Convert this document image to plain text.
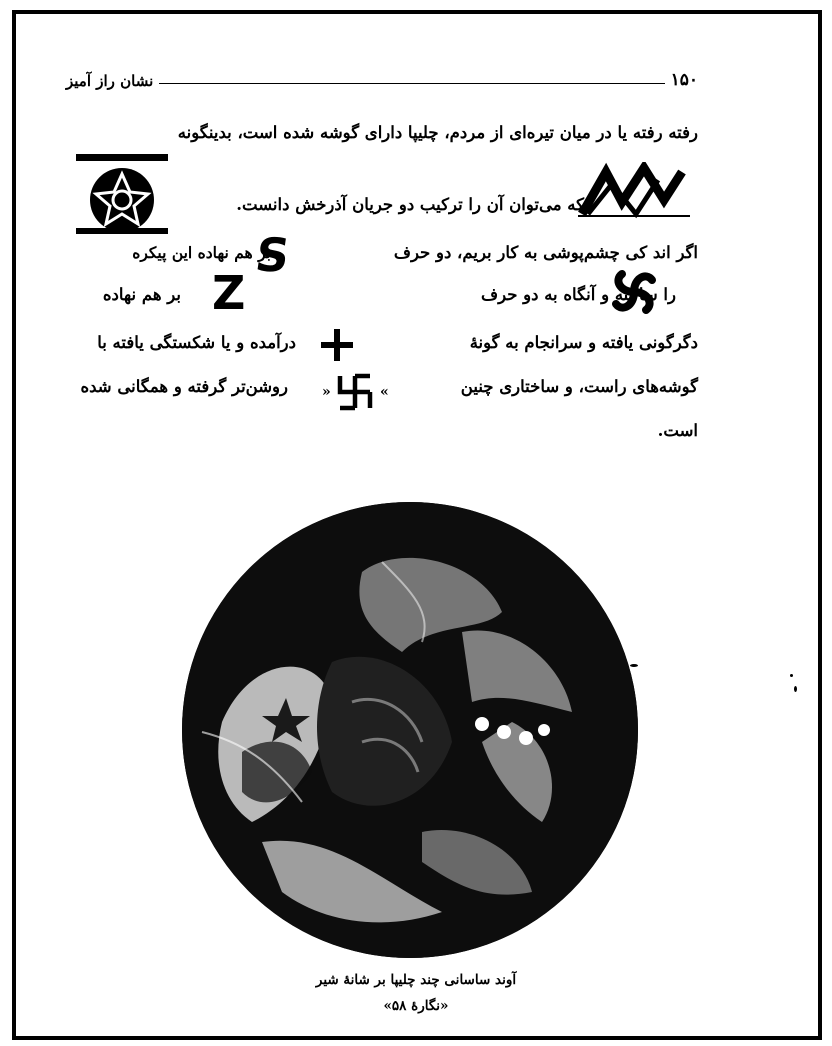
۱۵۰
نشان راز آمیز
رفته رفته یا در میان تیره‌ای از مردم، چلیپا دارای گوشه شده است، بدینگونه
که می‌توان آن را ترکیب دو جریان آذرخش دانست.
اگر اند کی چشم‌پوشی به کار بریم، دو حرف
بر هم نهاده این پیکره
S
را ساخته و آنگاه به دو حرف
بر هم نهاده Z
دگرگونی یافته و سرانجام به گونهٔ
درآمده و یا شکستگی یافته با
گوشه‌های راست، و ساختاری چنین
روشن‌تر گرفته و همگانی شده «	»
است.
آوند ساسانی چند چلیپا بر شانهٔ شیر
«نگارهٔ ۵۸»
